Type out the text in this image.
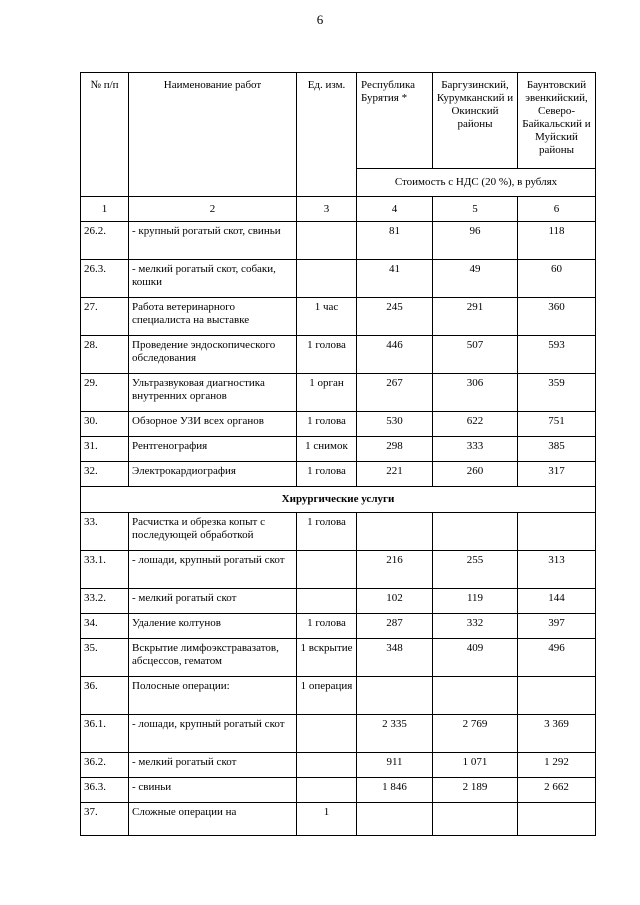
6
№ п/п	Наименование работ	Ед. изм.	Республика Бурятия *	Баргузинский, Курумканский и Окинский районы	Баунтовский эвенкийский, Северо-Байкальский и Муйский районы
			Стоимость с НДС (20 %), в рублях		
1	2	3	4	5	6
26.2.	- крупный рогатый скот, свиньи		81	96	118
26.3.	- мелкий рогатый скот, собаки, кошки		41	49	60
27.	Работа ветеринарного специалиста на выставке	1 час	245	291	360
28.	Проведение эндоскопического обследования	1 голова	446	507	593
29.	Ультразвуковая диагностика внутренних органов	1 орган	267	306	359
30.	Обзорное УЗИ всех органов	1 голова	530	622	751
31.	Рентгенография	1 снимок	298	333	385
32.	Электрокардиография	1 голова	221	260	317
Хирургические услуги					
33.	Расчистка и обрезка копыт с последующей обработкой	1 голова			
33.1.	- лошади, крупный рогатый скот		216	255	313
33.2.	- мелкий рогатый скот		102	119	144
34.	Удаление колтунов	1 голова	287	332	397
35.	Вскрытие лимфоэкстравазатов, абсцессов, гематом	1 вскрытие	348	409	496
36.	Полосные операции:	1 операция			
36.1.	- лошади, крупный рогатый скот		2 335	2 769	3 369
36.2.	- мелкий рогатый скот		911	1 071	1 292
36.3.	- свиньи		1 846	2 189	2 662
37.	Сложные операции на	1			
